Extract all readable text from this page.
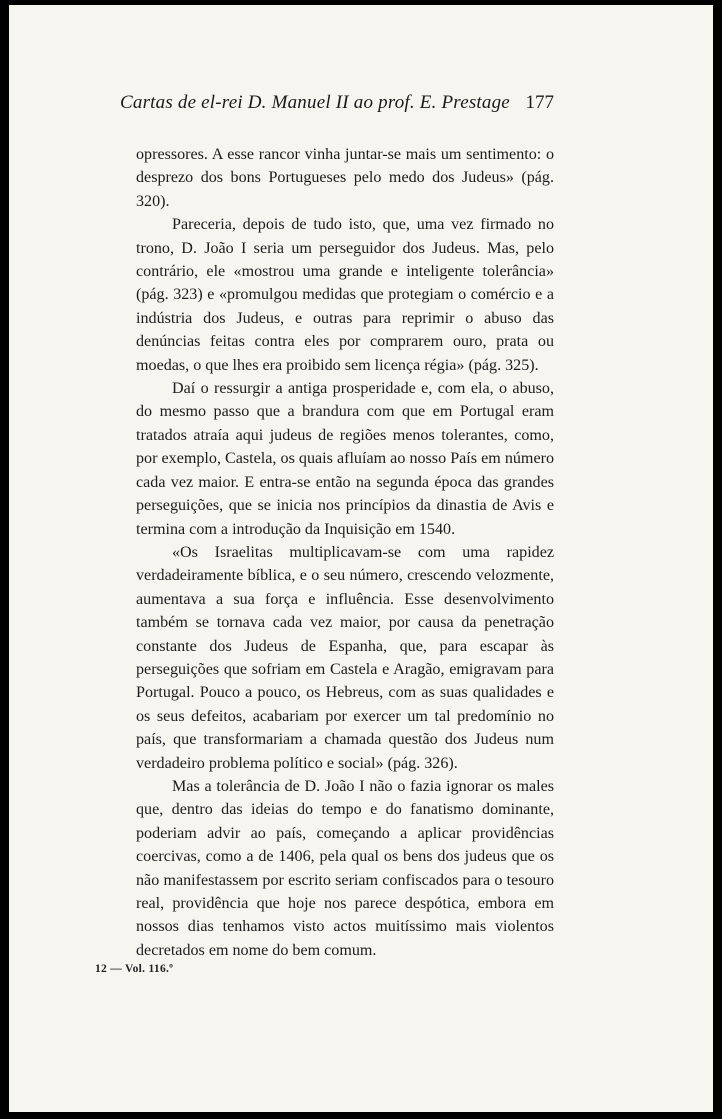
Cartas de el-rei D. Manuel II ao prof. E. Prestage 177

opressores. A esse rancor vinha juntar-se mais um sentimento: o desprezo dos bons Portugueses pelo medo dos Judeus» (pág. 320).

Pareceria, depois de tudo isto, que, uma vez firmado no trono, D. João I seria um perseguidor dos Judeus. Mas, pelo contrário, ele «mostrou uma grande e inteligente tolerância» (pág. 323) e «promulgou medidas que protegiam o comércio e a indústria dos Judeus, e outras para reprimir o abuso das denúncias feitas contra eles por comprarem ouro, prata ou moedas, o que lhes era proibido sem licença régia» (pág. 325).

Daí o ressurgir a antiga prosperidade e, com ela, o abuso, do mesmo passo que a brandura com que em Portugal eram tratados atraía aqui judeus de regiões menos tolerantes, como, por exemplo, Castela, os quais afluíam ao nosso País em número cada vez maior. E entra-se então na segunda época das grandes perseguições, que se inicia nos princípios da dinastia de Avis e termina com a introdução da Inquisição em 1540.

«Os Israelitas multiplicavam-se com uma rapidez verdadeiramente bíblica, e o seu número, crescendo velozmente, aumentava a sua força e influência. Esse desenvolvimento também se tornava cada vez maior, por causa da penetração constante dos Judeus de Espanha, que, para escapar às perseguições que sofriam em Castela e Aragão, emigravam para Portugal. Pouco a pouco, os Hebreus, com as suas qualidades e os seus defeitos, acabariam por exercer um tal predomínio no país, que transformariam a chamada questão dos Judeus num verdadeiro problema político e social» (pág. 326).

Mas a tolerância de D. João I não o fazia ignorar os males que, dentro das ideias do tempo e do fanatismo dominante, poderiam advir ao país, começando a aplicar providências coercivas, como a de 1406, pela qual os bens dos judeus que os não manifestassem por escrito seriam confiscados para o tesouro real, providência que hoje nos parece despótica, embora em nossos dias tenhamos visto actos muitíssimo mais violentos decretados em nome do bem comum.

12 — Vol. 116.º
